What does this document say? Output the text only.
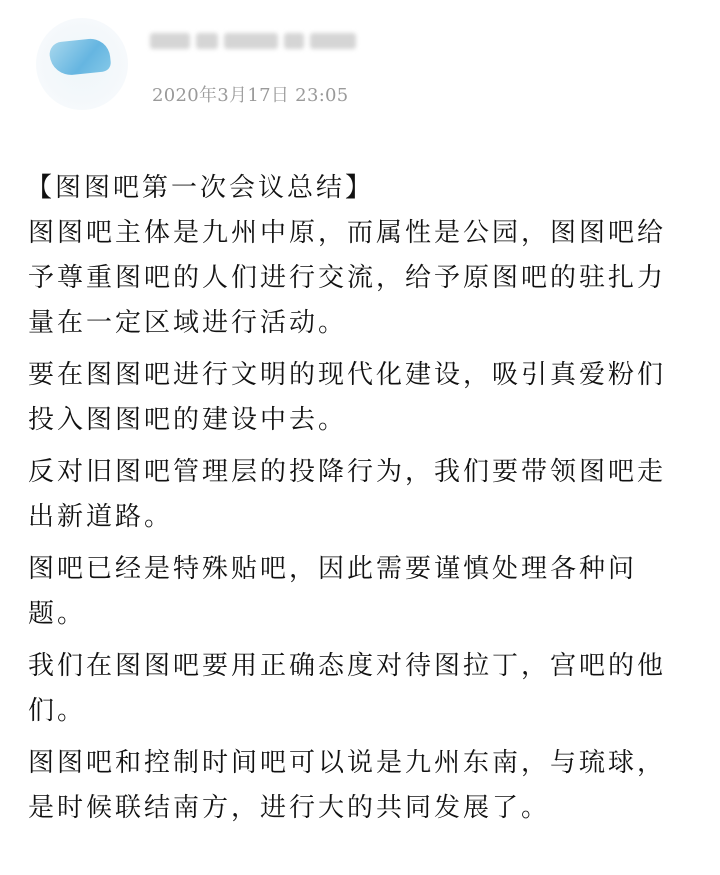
2020年3月17日 23:05
【图图吧第一次会议总结】

图图吧主体是九州中原，而属性是公园，图图吧给予尊重图吧的人们进行交流，给予原图吧的驻扎力量在一定区域进行活动。

要在图图吧进行文明的现代化建设，吸引真爱粉们投入图图吧的建设中去。

反对旧图吧管理层的投降行为，我们要带领图吧走出新道路。

图吧已经是特殊贴吧，因此需要谨慎处理各种问题。

我们在图图吧要用正确态度对待图拉丁，宫吧的他们。

图图吧和控制时间吧可以说是九州东南，与琉球，是时候联结南方，进行大的共同发展了。
